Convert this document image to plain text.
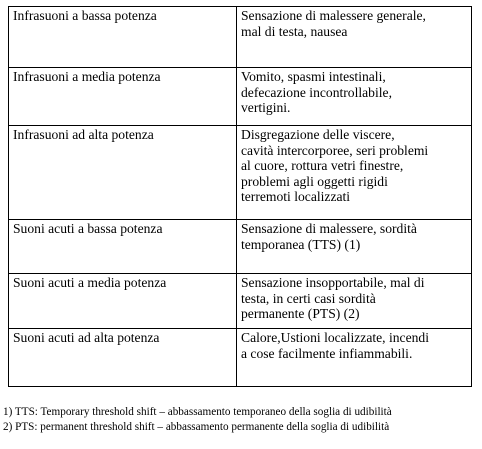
Infrasuoni a bassa potenza	Sensazione di malessere generale,
mal di testa, nausea
Infrasuoni a media potenza	Vomito, spasmi intestinali,
defecazione incontrollabile,
vertigini.
Infrasuoni ad alta potenza	Disgregazione delle viscere,
cavità intercorporee, seri problemi
al cuore, rottura vetri finestre,
problemi agli oggetti rigidi
terremoti localizzati
Suoni acuti a bassa potenza	Sensazione di malessere, sordità
temporanea (TTS) (1)
Suoni acuti a media potenza	Sensazione insopportabile, mal di
testa, in certi casi sordità
permanente (PTS) (2)
Suoni acuti ad alta potenza	Calore,Ustioni localizzate, incendi
a cose facilmente infiammabili.
1) TTS: Temporary threshold shift – abbassamento temporaneo della soglia di udibilità
2) PTS: permanent threshold shift – abbassamento permanente della soglia di udibilità
